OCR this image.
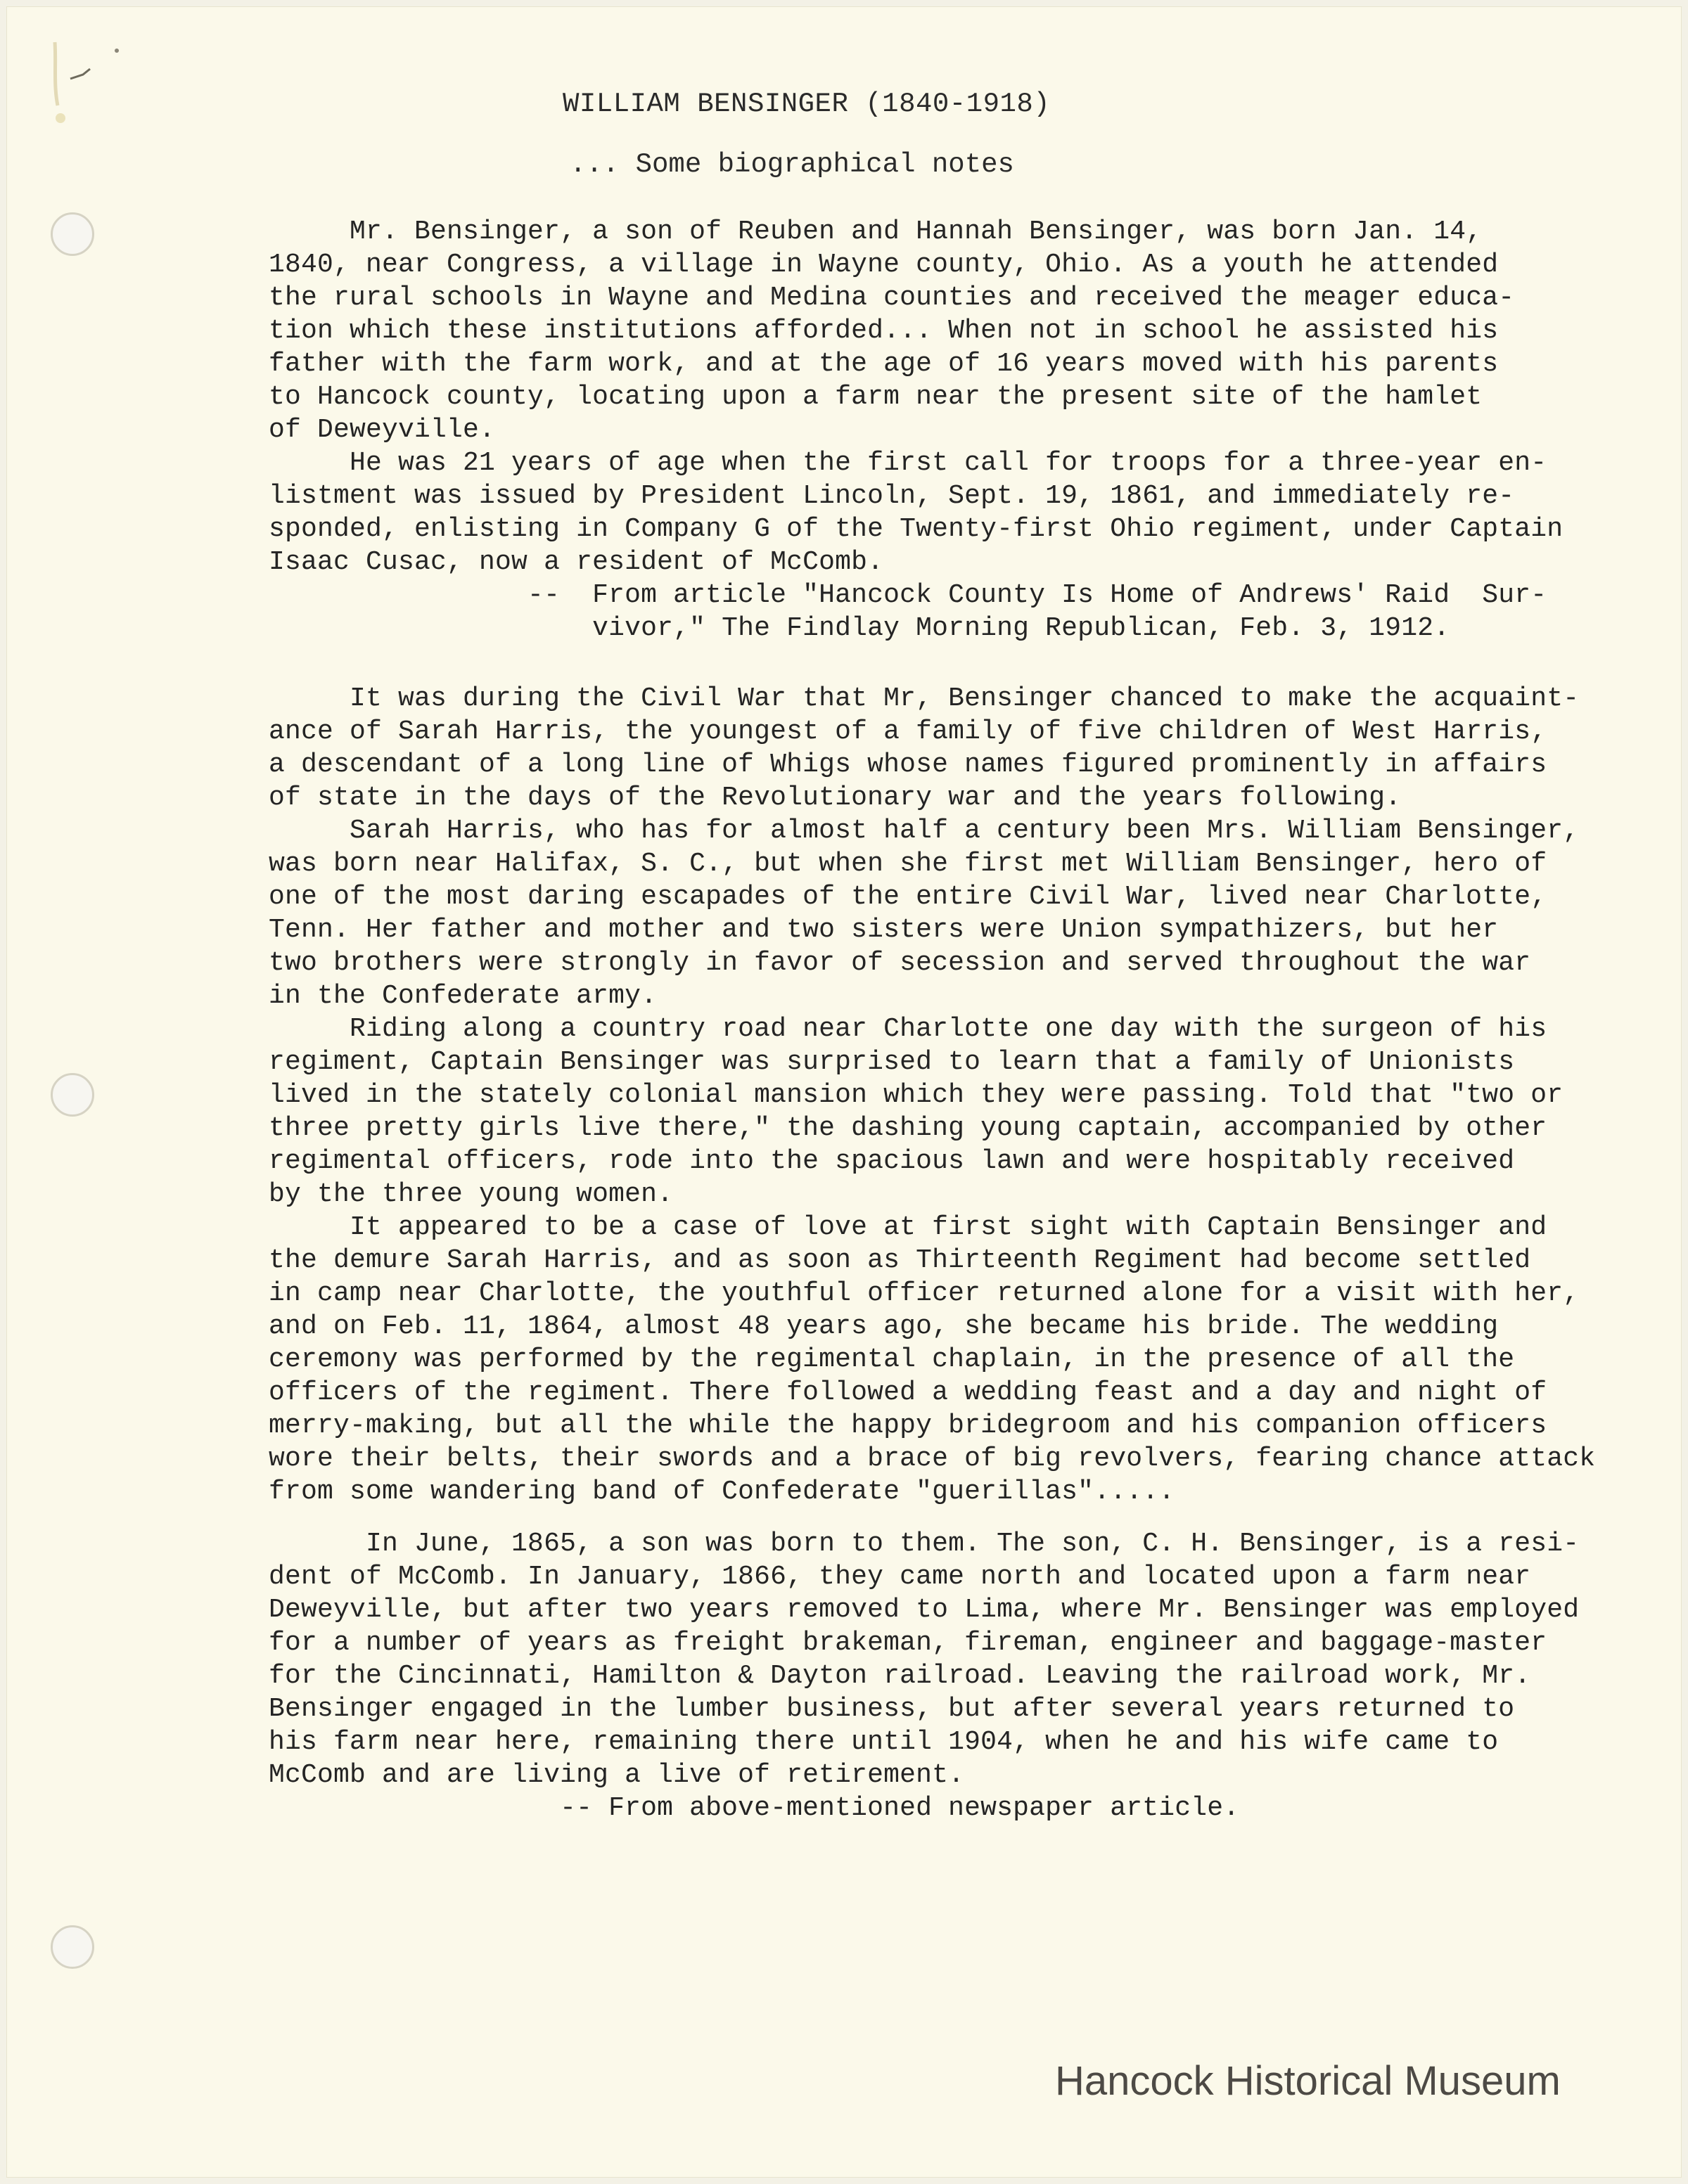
WILLIAM BENSINGER (1840-1918)
... Some biographical notes
Mr. Bensinger, a son of Reuben and Hannah Bensinger, was born Jan. 14,
1840, near Congress, a village in Wayne county, Ohio. As a youth he attended
the rural schools in Wayne and Medina counties and received the meager educa-
tion which these institutions afforded... When not in school he assisted his
father with the farm work, and at the age of 16 years moved with his parents
to Hancock county, locating upon a farm near the present site of the hamlet
of Deweyville.
He was 21 years of age when the first call for troops for a three-year en-
listment was issued by President Lincoln, Sept. 19, 1861, and immediately re-
sponded, enlisting in Company G of the Twenty-first Ohio regiment, under Captain
Isaac Cusac, now a resident of McComb.
--  From article "Hancock County Is Home of Andrews' Raid  Sur-
vivor," The Findlay Morning Republican, Feb. 3, 1912.
It was during the Civil War that Mr, Bensinger chanced to make the acquaint-
ance of Sarah Harris, the youngest of a family of five children of West Harris,
a descendant of a long line of Whigs whose names figured prominently in affairs
of state in the days of the Revolutionary war and the years following.
Sarah Harris, who has for almost half a century been Mrs. William Bensinger,
was born near Halifax, S. C., but when she first met William Bensinger, hero of
one of the most daring escapades of the entire Civil War, lived near Charlotte,
Tenn. Her father and mother and two sisters were Union sympathizers, but her
two brothers were strongly in favor of secession and served throughout the war
in the Confederate army.
Riding along a country road near Charlotte one day with the surgeon of his
regiment, Captain Bensinger was surprised to learn that a family of Unionists
lived in the stately colonial mansion which they were passing. Told that "two or
three pretty girls live there," the dashing young captain, accompanied by other
regimental officers, rode into the spacious lawn and were hospitably received
by the three young women.
It appeared to be a case of love at first sight with Captain Bensinger and
the demure Sarah Harris, and as soon as Thirteenth Regiment had become settled
in camp near Charlotte, the youthful officer returned alone for a visit with her,
and on Feb. 11, 1864, almost 48 years ago, she became his bride. The wedding
ceremony was performed by the regimental chaplain, in the presence of all the
officers of the regiment. There followed a wedding feast and a day and night of
merry-making, but all the while the happy bridegroom and his companion officers
wore their belts, their swords and a brace of big revolvers, fearing chance attack
from some wandering band of Confederate "guerillas".....
In June, 1865, a son was born to them. The son, C. H. Bensinger, is a resi-
dent of McComb. In January, 1866, they came north and located upon a farm near
Deweyville, but after two years removed to Lima, where Mr. Bensinger was employed
for a number of years as freight brakeman, fireman, engineer and baggage-master
for the Cincinnati, Hamilton & Dayton railroad. Leaving the railroad work, Mr.
Bensinger engaged in the lumber business, but after several years returned to
his farm near here, remaining there until 1904, when he and his wife came to
McComb and are living a live of retirement.
-- From above-mentioned newspaper article.
Hancock Historical Museum
